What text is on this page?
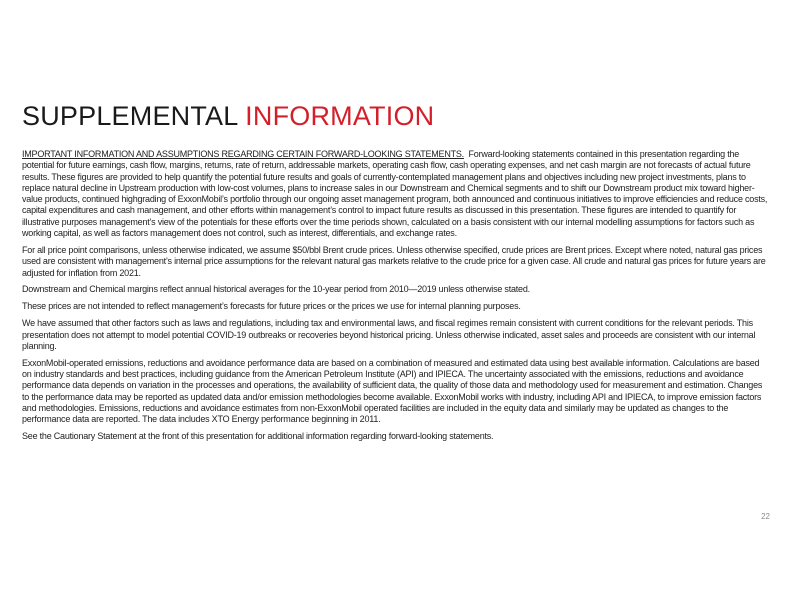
SUPPLEMENTAL INFORMATION

IMPORTANT INFORMATION AND ASSUMPTIONS REGARDING CERTAIN FORWARD-LOOKING STATEMENTS. Forward-looking statements contained in this presentation regarding the potential for future earnings, cash flow, margins, returns, rate of return, addressable markets, operating cash flow, cash operating expenses, and net cash margin are not forecasts of actual future results. These figures are provided to help quantify the potential future results and goals of currently-contemplated management plans and objectives including new project investments, plans to replace natural decline in Upstream production with low-cost volumes, plans to increase sales in our Downstream and Chemical segments and to shift our Downstream product mix toward higher-value products, continued highgrading of ExxonMobil’s portfolio through our ongoing asset management program, both announced and continuous initiatives to improve efficiencies and reduce costs, capital expenditures and cash management, and other efforts within management’s control to impact future results as discussed in this presentation. These figures are intended to quantify for illustrative purposes management’s view of the potentials for these efforts over the time periods shown, calculated on a basis consistent with our internal modelling assumptions for factors such as working capital, as well as factors management does not control, such as interest, differentials, and exchange rates.

For all price point comparisons, unless otherwise indicated, we assume $50/bbl Brent crude prices. Unless otherwise specified, crude prices are Brent prices. Except where noted, natural gas prices used are consistent with management’s internal price assumptions for the relevant natural gas markets relative to the crude price for a given case. All crude and natural gas prices for future years are adjusted for inflation from 2021.

Downstream and Chemical margins reflect annual historical averages for the 10-year period from 2010—2019 unless otherwise stated.

These prices are not intended to reflect management’s forecasts for future prices or the prices we use for internal planning purposes.

We have assumed that other factors such as laws and regulations, including tax and environmental laws, and fiscal regimes remain consistent with current conditions for the relevant periods. This presentation does not attempt to model potential COVID-19 outbreaks or recoveries beyond historical pricing. Unless otherwise indicated, asset sales and proceeds are consistent with our internal planning.

ExxonMobil-operated emissions, reductions and avoidance performance data are based on a combination of measured and estimated data using best available information. Calculations are based on industry standards and best practices, including guidance from the American Petroleum Institute (API) and IPIECA. The uncertainty associated with the emissions, reductions and avoidance performance data depends on variation in the processes and operations, the availability of sufficient data, the quality of those data and methodology used for measurement and estimation. Changes to the performance data may be reported as updated data and/or emission methodologies become available. ExxonMobil works with industry, including API and IPIECA, to improve emission factors and methodologies. Emissions, reductions and avoidance estimates from non-ExxonMobil operated facilities are included in the equity data and similarly may be updated as changes to the performance data are reported. The data includes XTO Energy performance beginning in 2011.

See the Cautionary Statement at the front of this presentation for additional information regarding forward-looking statements.

22
